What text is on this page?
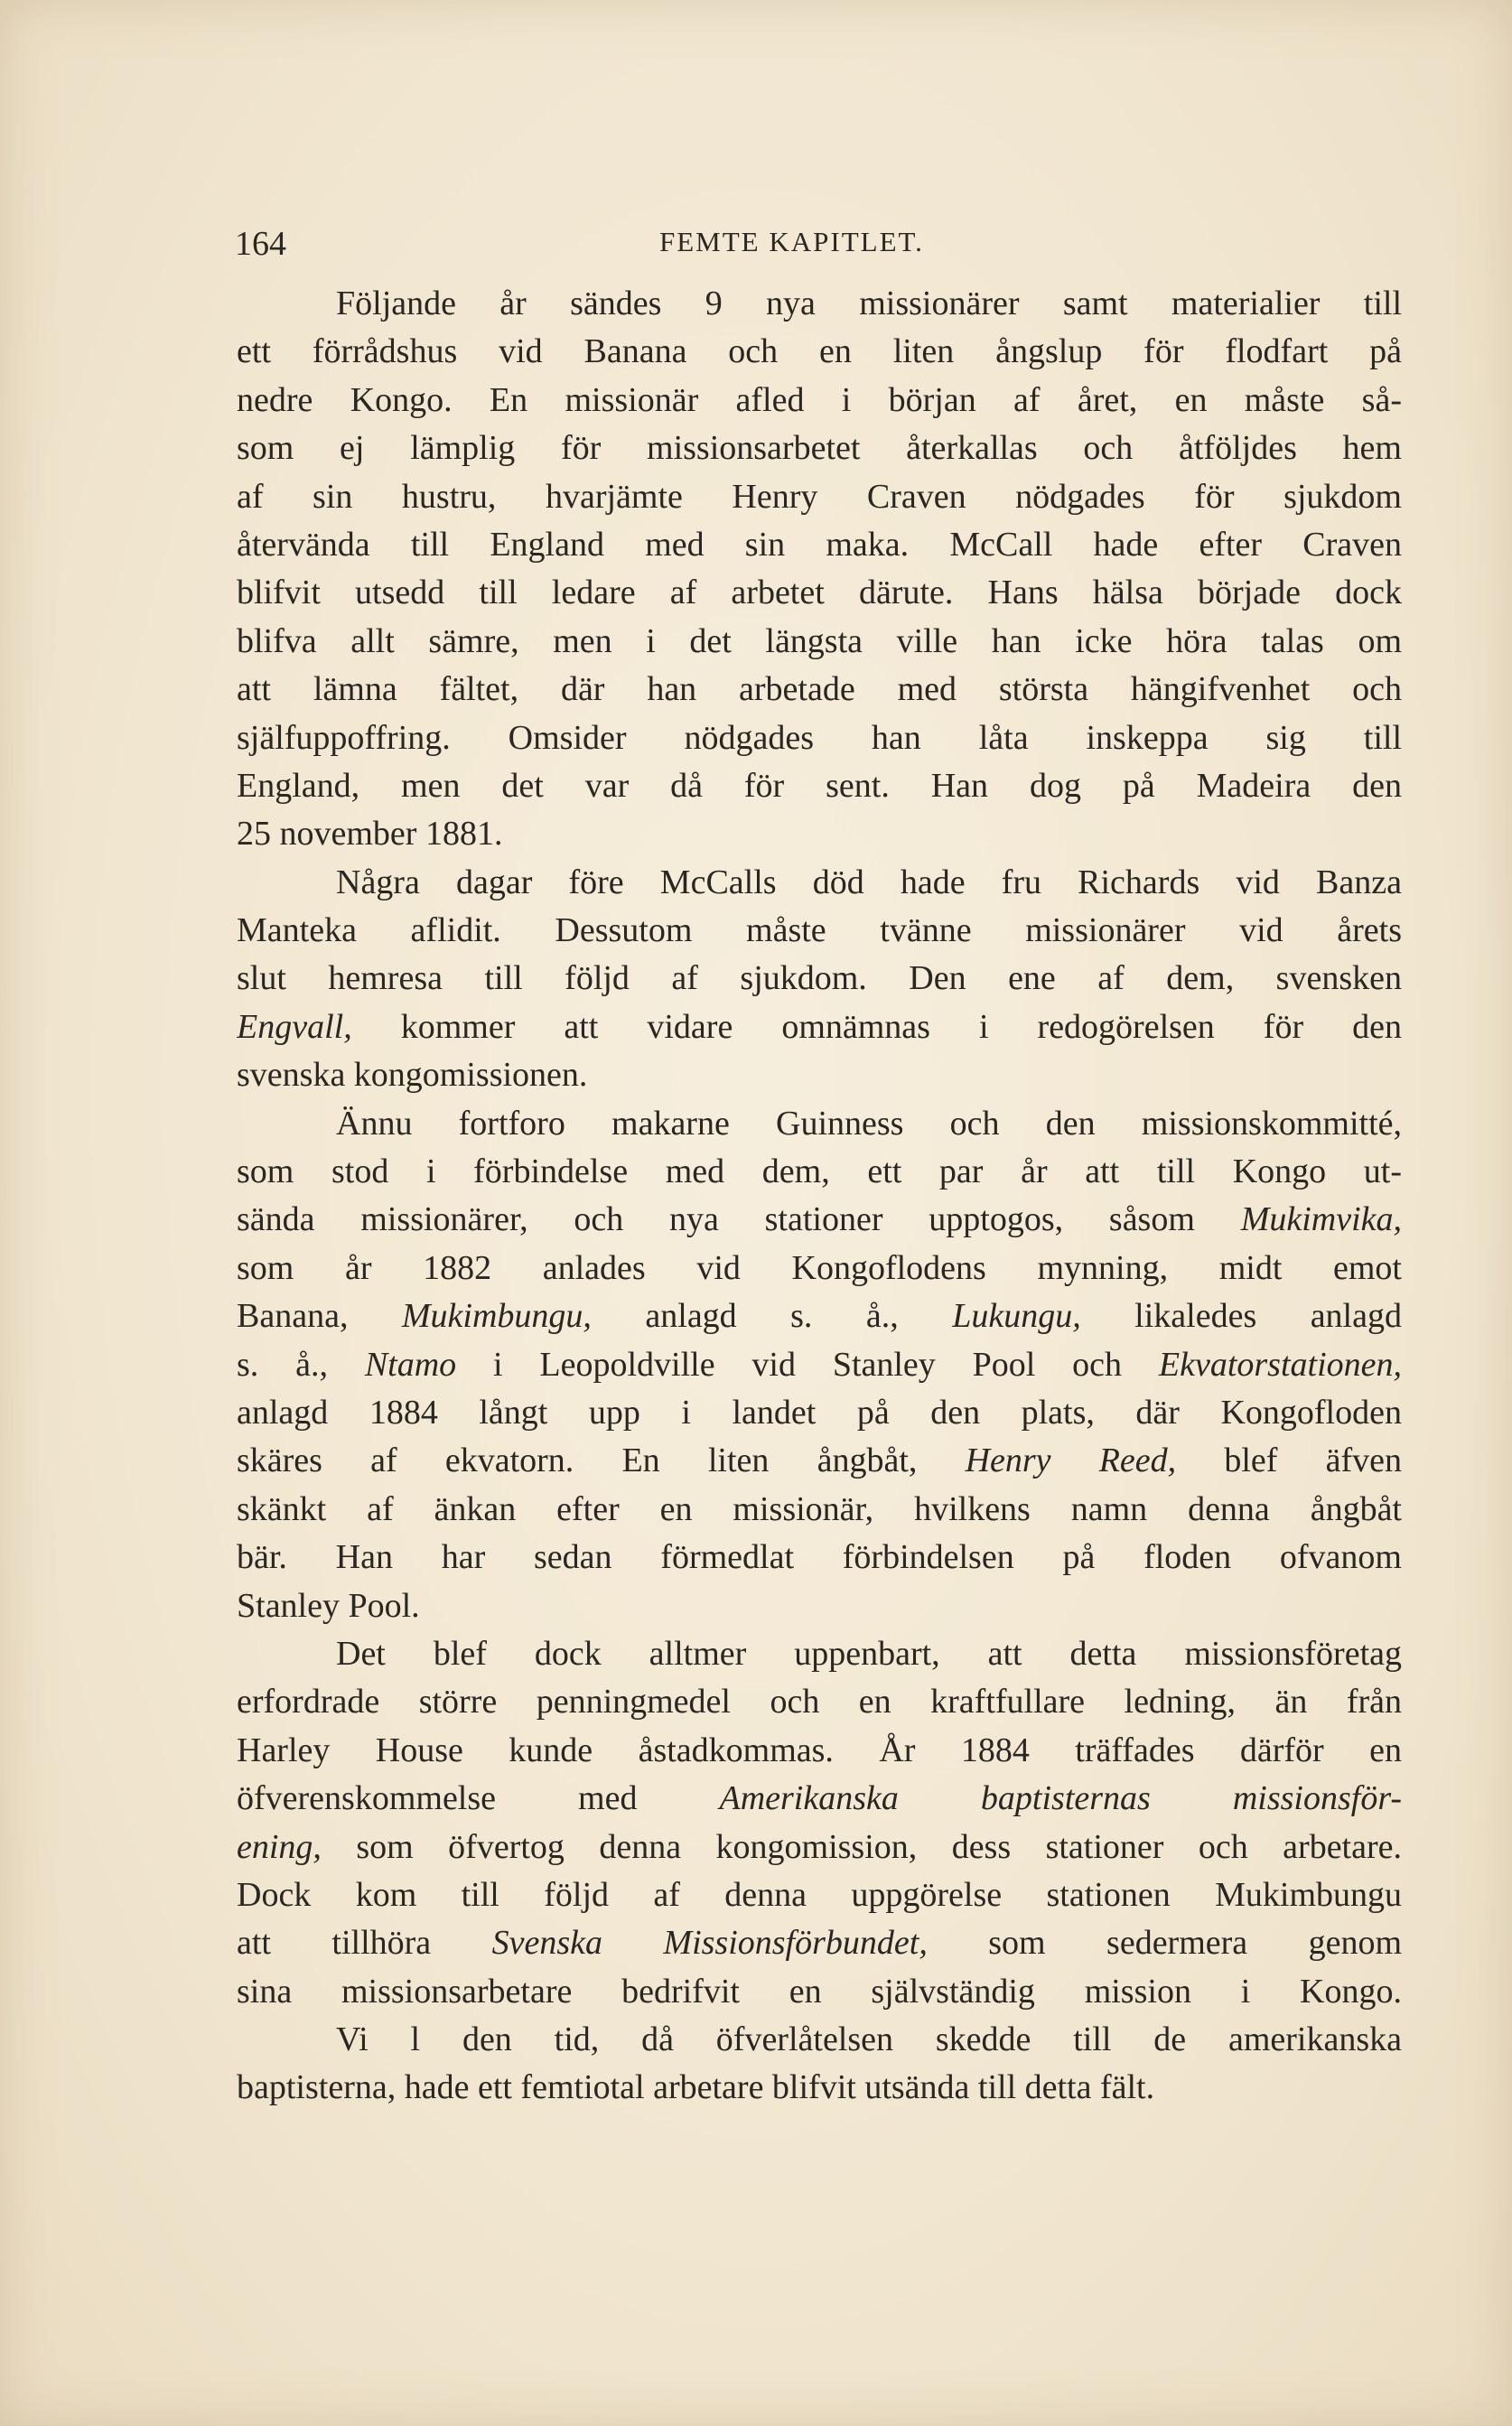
164	FEMTE KAPITLET.
Följande år sändes 9 nya missionärer samt materialier till
ett förrådshus vid Banana och en liten ångslup för flodfart på
nedre Kongo. En missionär afled i början af året, en måste så-
som ej lämplig för missionsarbetet återkallas och åtföljdes hem
af sin hustru, hvarjämte Henry Craven nödgades för sjukdom
återvända till England med sin maka. McCall hade efter Craven
blifvit utsedd till ledare af arbetet därute. Hans hälsa började dock
blifva allt sämre, men i det längsta ville han icke höra talas om
att lämna fältet, där han arbetade med största hängifvenhet och
själfuppoffring. Omsider nödgades han låta inskeppa sig till
England, men det var då för sent. Han dog på Madeira den
25 november 1881.
Några dagar före McCalls död hade fru Richards vid Banza
Manteka aflidit. Dessutom måste tvänne missionärer vid årets
slut hemresa till följd af sjukdom. Den ene af dem, svensken
Engvall, kommer att vidare omnämnas i redogörelsen för den
svenska kongomissionen.
Ännu fortforo makarne Guinness och den missionskommitté,
som stod i förbindelse med dem, ett par år att till Kongo ut-
sända missionärer, och nya stationer upptogos, såsom Mukimvika,
som år 1882 anlades vid Kongoflodens mynning, midt emot
Banana, Mukimbungu, anlagd s. å., Lukungu, likaledes anlagd
s. å., Ntamo i Leopoldville vid Stanley Pool och Ekvatorstationen,
anlagd 1884 långt upp i landet på den plats, där Kongofloden
skäres af ekvatorn. En liten ångbåt, Henry Reed, blef äfven
skänkt af änkan efter en missionär, hvilkens namn denna ångbåt
bär. Han har sedan förmedlat förbindelsen på floden ofvanom
Stanley Pool.
Det blef dock alltmer uppenbart, att detta missionsföretag
erfordrade större penningmedel och en kraftfullare ledning, än från
Harley House kunde åstadkommas. År 1884 träffades därför en
öfverenskommelse med Amerikanska baptisternas missionsför-
ening, som öfvertog denna kongomission, dess stationer och arbetare.
Dock kom till följd af denna uppgörelse stationen Mukimbungu
att tillhöra Svenska Missionsförbundet, som sedermera genom
sina missionsarbetare bedrifvit en självständig mission i Kongo.
Vi l den tid, då öfverlåtelsen skedde till de amerikanska
baptisterna, hade ett femtiotal arbetare blifvit utsända till detta fält.
